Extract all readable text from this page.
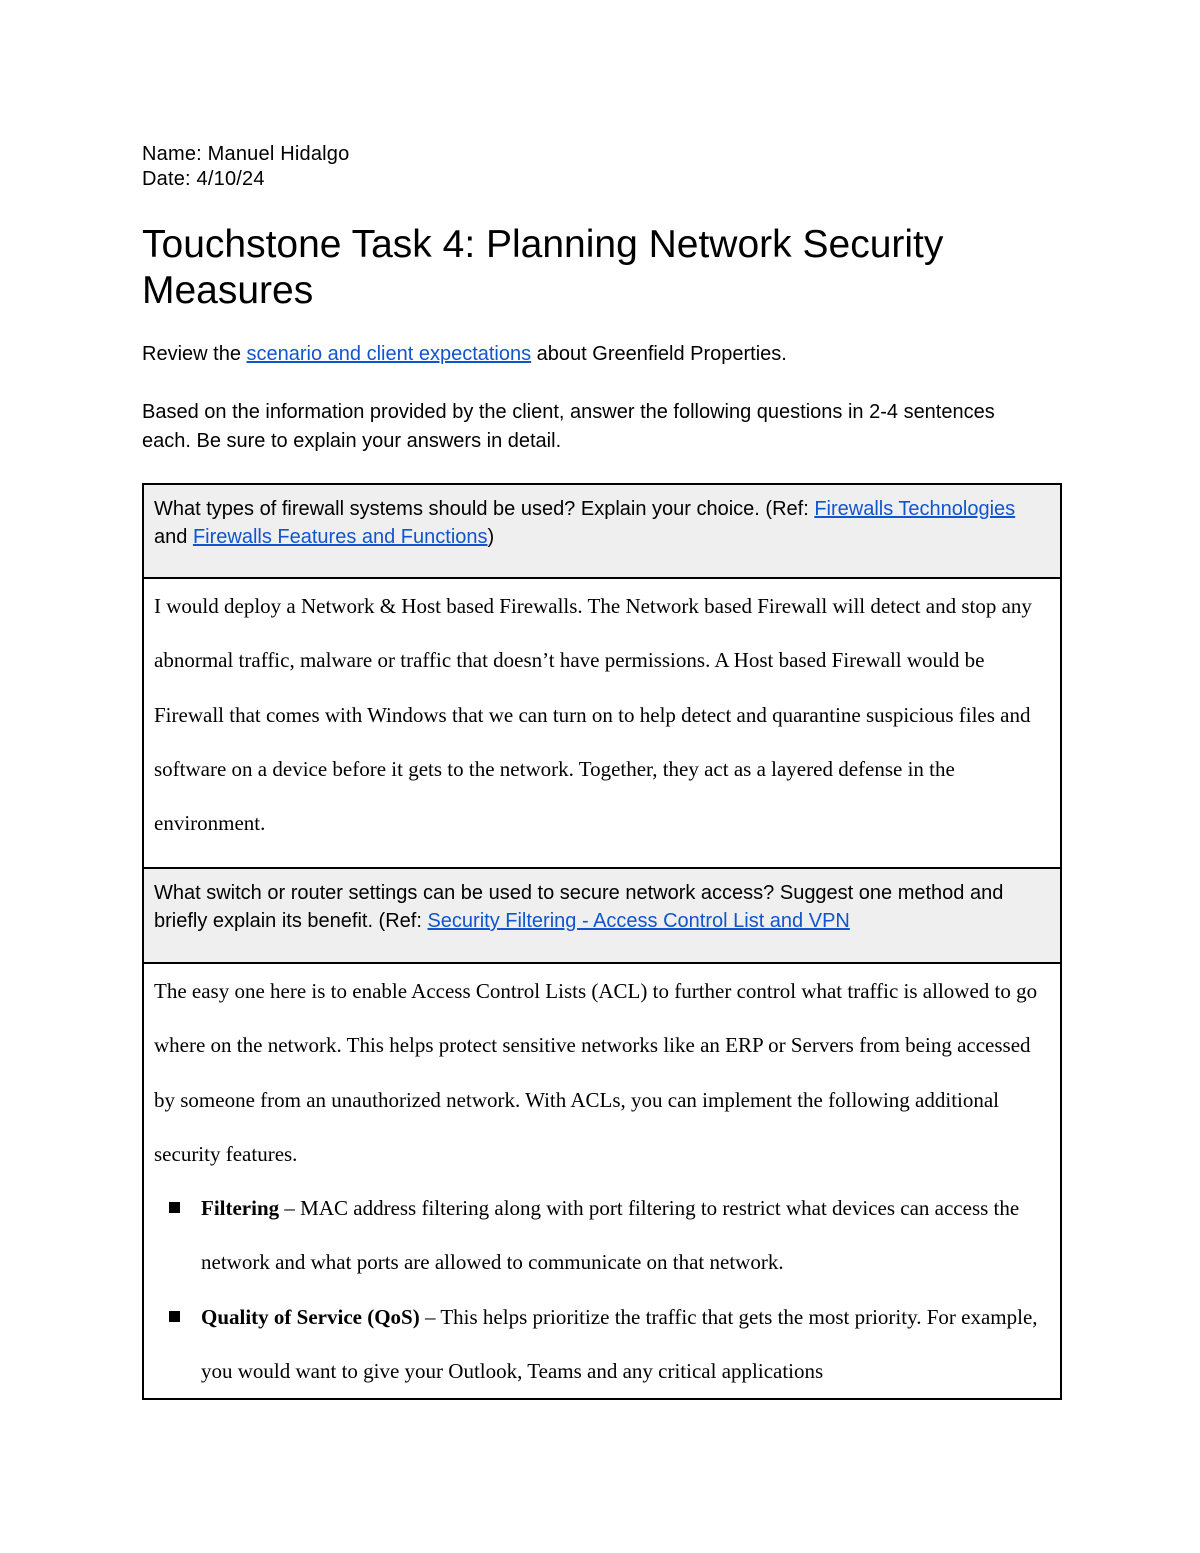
Name: Manuel Hidalgo

Date: 4/10/24

Touchstone Task 4: Planning Network Security Measures

Review the scenario and client expectations about Greenfield Properties.

Based on the information provided by the client, answer the following questions in 2-4 sentences each. Be sure to explain your answers in detail.

What types of firewall systems should be used? Explain your choice. (Ref: Firewalls Technologies and Firewalls Features and Functions)

I would deploy a Network & Host based Firewalls. The Network based Firewall will detect and stop any abnormal traffic, malware or traffic that doesn’t have permissions. A Host based Firewall would be Firewall that comes with Windows that we can turn on to help detect and quarantine suspicious files and software on a device before it gets to the network. Together, they act as a layered defense in the environment.

What switch or router settings can be used to secure network access? Suggest one method and briefly explain its benefit. (Ref: Security Filtering - Access Control List and VPN

The easy one here is to enable Access Control Lists (ACL) to further control what traffic is allowed to go where on the network. This helps protect sensitive networks like an ERP or Servers from being accessed by someone from an unauthorized network. With ACLs, you can implement the following additional security features.
Filtering – MAC address filtering along with port filtering to restrict what devices can access the network and what ports are allowed to communicate on that network.
Quality of Service (QoS) – This helps prioritize the traffic that gets the most priority. For example, you would want to give your Outlook, Teams and any critical applications
